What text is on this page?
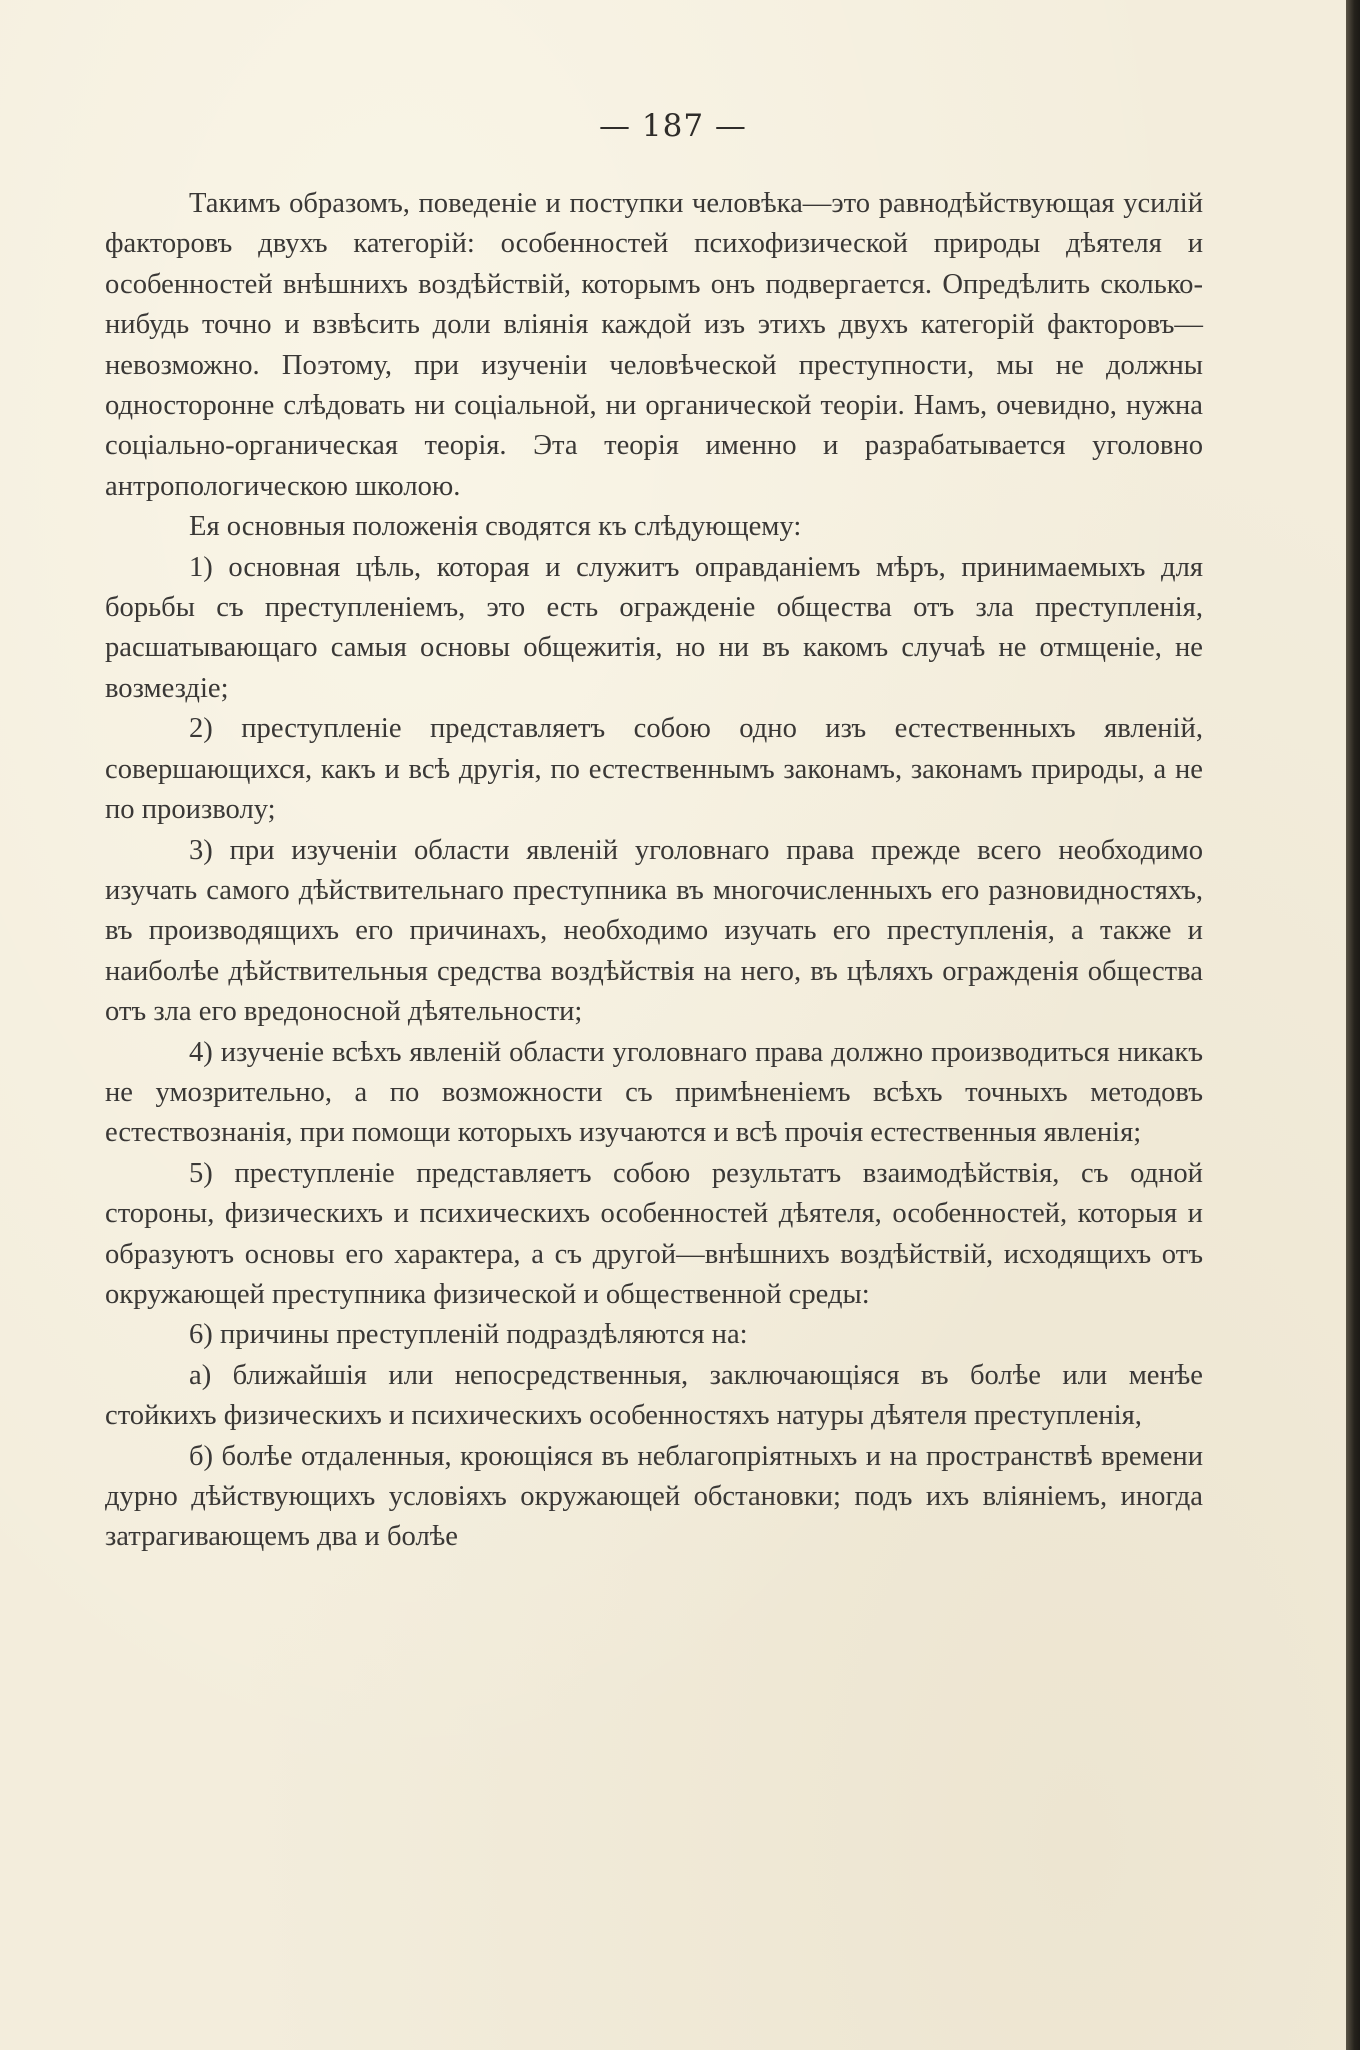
— 187 —

Такимъ образомъ, поведеніе и поступки человѣка—это равнодѣйствующая усилій факторовъ двухъ категорій: особенностей психофизической природы дѣятеля и особенностей внѣшнихъ воздѣйствій, которымъ онъ подвергается. Опредѣлить сколько-нибудь точно и взвѣсить доли вліянія каждой изъ этихъ двухъ категорій факторовъ—невозможно. Поэтому, при изученіи человѣческой преступности, мы не должны односторонне слѣдовать ни соціальной, ни органической теоріи. Намъ, очевидно, нужна соціально-органическая теорія. Эта теорія именно и разрабатывается уголовно антропологическою школою.

Ея основныя положенія сводятся къ слѣдующему:

1) основная цѣль, которая и служитъ оправданіемъ мѣръ, принимаемыхъ для борьбы съ преступленіемъ, это есть огражденіе общества отъ зла преступленія, расшатывающаго самыя основы общежитія, но ни въ какомъ случаѣ не отмщеніе, не возмездіе;

2) преступленіе представляетъ собою одно изъ естественныхъ явленій, совершающихся, какъ и всѣ другія, по естественнымъ законамъ, законамъ природы, а не по произволу;

3) при изученіи области явленій уголовнаго права прежде всего необходимо изучать самого дѣйствительнаго преступника въ многочисленныхъ его разновидностяхъ, въ производящихъ его причинахъ, необходимо изучать его преступленія, а также и наиболѣе дѣйствительныя средства воздѣйствія на него, въ цѣляхъ огражденія общества отъ зла его вредоносной дѣятельности;

4) изученіе всѣхъ явленій области уголовнаго права должно производиться никакъ не умозрительно, а по возможности съ примѣненіемъ всѣхъ точныхъ методовъ естествознанія, при помощи которыхъ изучаются и всѣ прочія естественныя явленія;

5) преступленіе представляетъ собою результатъ взаимодѣйствія, съ одной стороны, физическихъ и психическихъ особенностей дѣятеля, особенностей, которыя и образуютъ основы его характера, а съ другой—внѣшнихъ воздѣйствій, исходящихъ отъ окружающей преступника физической и общественной среды:

6) причины преступленій подраздѣляются на:

а) ближайшія или непосредственныя, заключающіяся въ болѣе или менѣе стойкихъ физическихъ и психическихъ особенностяхъ натуры дѣятеля преступленія,

б) болѣе отдаленныя, кроющіяся въ неблагопріятныхъ и на пространствѣ времени дурно дѣйствующихъ условіяхъ окружающей обстановки; подъ ихъ вліяніемъ, иногда затрагивающемъ два и болѣе
